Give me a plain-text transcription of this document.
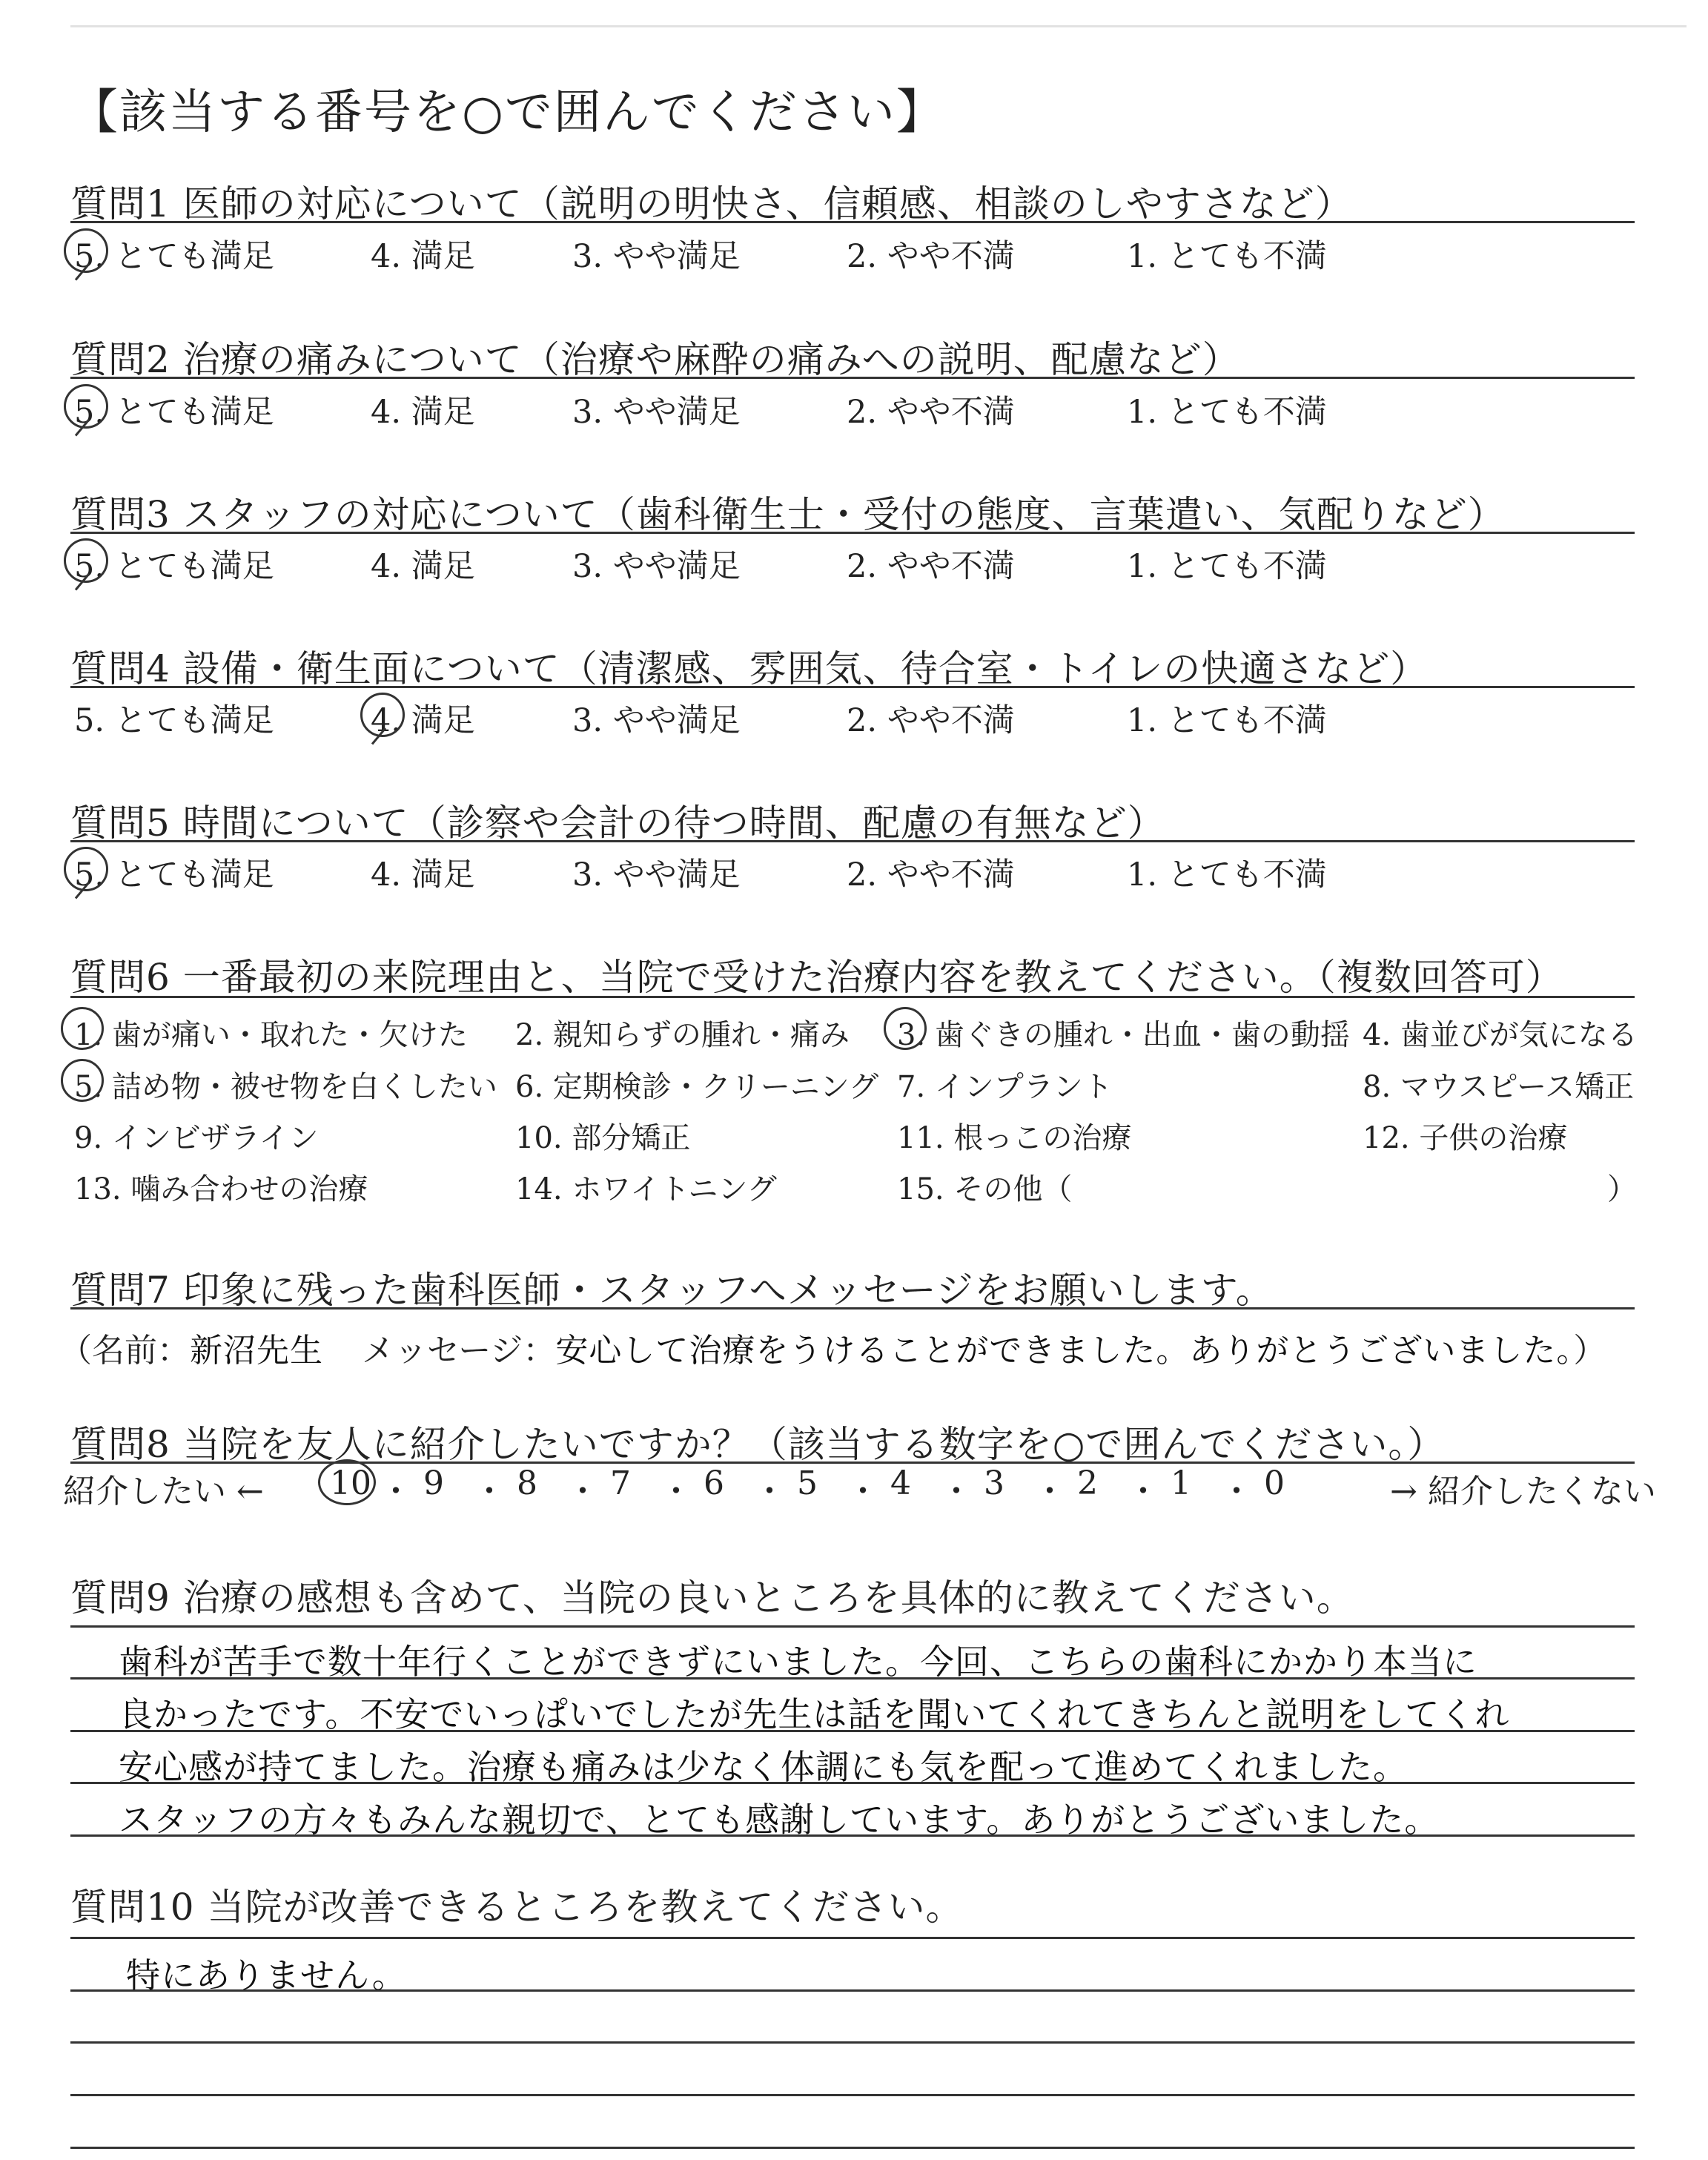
【該当する番号を○で囲んでください】
質問1 医師の対応について（説明の明快さ、信頼感、相談のしやすさなど）
質問2 治療の痛みについて（治療や麻酔の痛みへの説明、配慮など）
質問3 スタッフの対応について（歯科衛生士・受付の態度、言葉遣い、気配りなど）
質問4 設備・衛生面について（清潔感、雰囲気、待合室・トイレの快適さなど）
質問5 時間について（診察や会計の待つ時間、配慮の有無など）
5. とても満足	4. 満足	3. やや満足	2. やや不満	1. とても不満
5. とても満足	4. 満足	3. やや満足	2. やや不満	1. とても不満
5. とても満足	4. 満足	3. やや満足	2. やや不満	1. とても不満
5. とても満足	4. 満足	3. やや満足	2. やや不満	1. とても不満
5. とても満足	4. 満足	3. やや満足	2. やや不満	1. とても不満
質問6 一番最初の来院理由と、当院で受けた治療内容を教えてください。（複数回答可）
1. 歯が痛い・取れた・欠けた 2. 親知らずの腫れ・痛み 3. 歯ぐきの腫れ・出血・歯の動揺 4. 歯並びが気になる
5. 詰め物・被せ物を白くしたい 6. 定期検診・クリーニング 7. インプラント	8. マウスピース矯正
9. インビザライン	10. 部分矯正	11. 根っこの治療	12. 子供の治療
13. 噛み合わせの治療	14. ホワイトニング	15. その他（	）
質問7 印象に残った歯科医師・スタッフへメッセージをお願いします。
（名前：新沼先生 メッセージ：安心して治療をうけることができました。ありがとうございました。）
質問8 当院を友人に紹介したいですか？（該当する数字を○で囲んでください。）
紹介したい ←	→ 紹介したくない
10 ・ 9 ・ 8 ・ 7 ・ 6 ・ 5 ・ 4 ・ 3 ・ 2 ・ 1 ・ 0
質問9 治療の感想も含めて、当院の良いところを具体的に教えてください。
歯科が苦手で数十年行くことができずにいました。今回、こちらの歯科にかかり本当に
良かったです。不安でいっぱいでしたが先生は話を聞いてくれてきちんと説明をしてくれ
安心感が持てました。治療も痛みは少なく体調にも気を配って進めてくれました。
スタッフの方々もみんな親切で、とても感謝しています。ありがとうございました。
質問10 当院が改善できるところを教えてください。
特にありません。
